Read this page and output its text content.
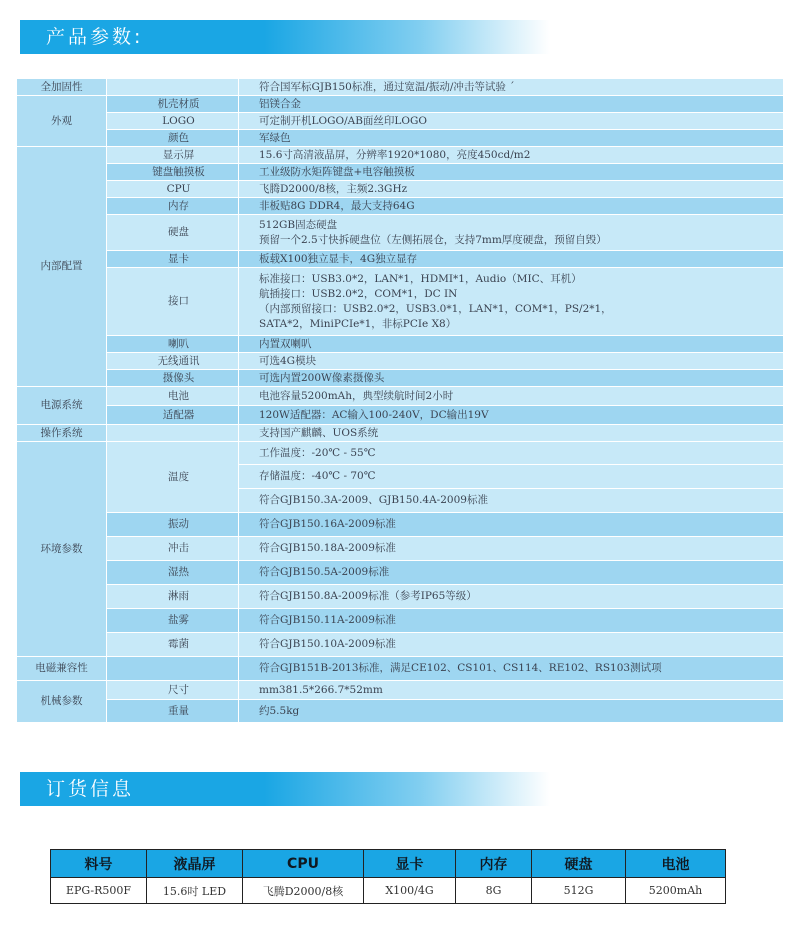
产品参数:
全加固性		符合国军标GJB150标准，通过宽温/振动/冲击等试验 ´
外观	机壳材质	铝镁合金
	LOGO	可定制开机LOGO/AB面丝印LOGO
	颜色	军绿色
内部配置	显示屏	15.6寸高清液晶屏，分辨率1920*1080，亮度450cd/m2
	键盘触摸板	工业级防水矩阵键盘+电容触摸板
	CPU	飞腾D2000/8核，主频2.3GHz
	内存	非板贴8G DDR4，最大支持64G
	硬盘	512GB固态硬盘
预留一个2.5寸快拆硬盘位（左侧拓展仓，支持7mm厚度硬盘，预留自毁）

	显卡	板载X100独立显卡，4G独立显存
	接口	标准接口：USB3.0*2，LAN*1，HDMI*1，Audio（MIC、耳机）
航插接口：USB2.0*2，COM*1，DC IN
（内部预留接口：USB2.0*2，USB3.0*1，LAN*1，COM*1，PS/2*1，
SATA*2，MiniPCIe*1，非标PCIe X8）

	喇叭	内置双喇叭
	无线通讯	可选4G模块
	摄像头	可选内置200W像素摄像头
电源系统	电池	电池容量5200mAh，典型续航时间2小时
	适配器	120W适配器：AC输入100-240V，DC输出19V
操作系统		支持国产麒麟、UOS系统
环境参数	温度	工作温度：-20℃ - 55℃
		存储温度：-40℃ - 70℃
		符合GJB150.3A-2009、GJB150.4A-2009标准
	振动	符合GJB150.16A-2009标准
	冲击	符合GJB150.18A-2009标准
	湿热	符合GJB150.5A-2009标准
	淋雨	符合GJB150.8A-2009标准（参考IP65等级）
	盐雾	符合GJB150.11A-2009标准
	霉菌	符合GJB150.10A-2009标准
电磁兼容性		符合GJB151B-2013标准，满足CE102、CS101、CS114、RE102、RS103测试项
机械参数	尺寸	mm381.5*266.7*52mm
	重量	约5.5kg
订货信息
料号	液晶屏	CPU	显卡	内存	硬盘	电池
EPG-R500F	15.6吋 LED	飞腾D2000/8核	X100/4G	8G	512G	5200mAh
